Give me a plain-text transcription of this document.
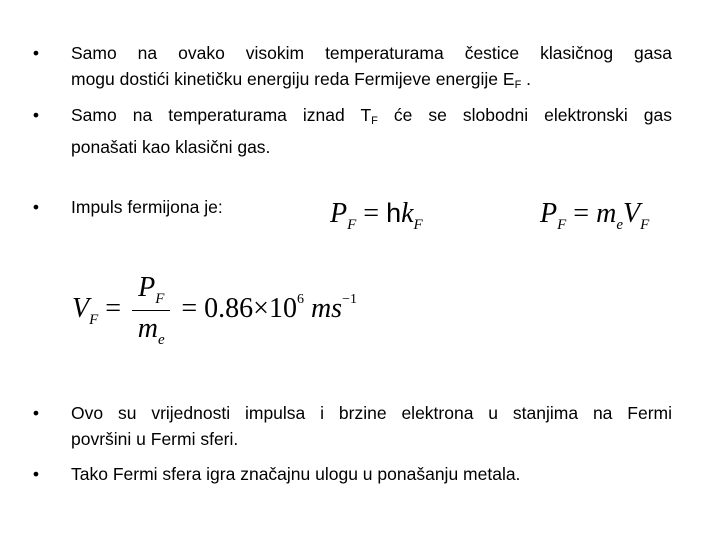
• Samo na ovako visokim temperaturama čestice klasičnog gasa
mogu dostići kinetičku energiju reda Fermijeve energije $E_F$ .
• Samo na temperaturama iznad $T_F$ će se slobodni elektronski gas
ponašati kao klasični gas.
• Impuls fermijona je:	$P_F = hk_F$	$P_F = m_eV_F$
$V_F = \frac{P_F}{m_e} = 0.86\times 10^6$ $ms^{-1}$
• Ovo su vrijednosti impulsa i brzine elektrona u stanjima na Fermi
površini u Fermi sferi.
• Tako Fermi sfera igra značajnu ulogu u ponašanju metala.
